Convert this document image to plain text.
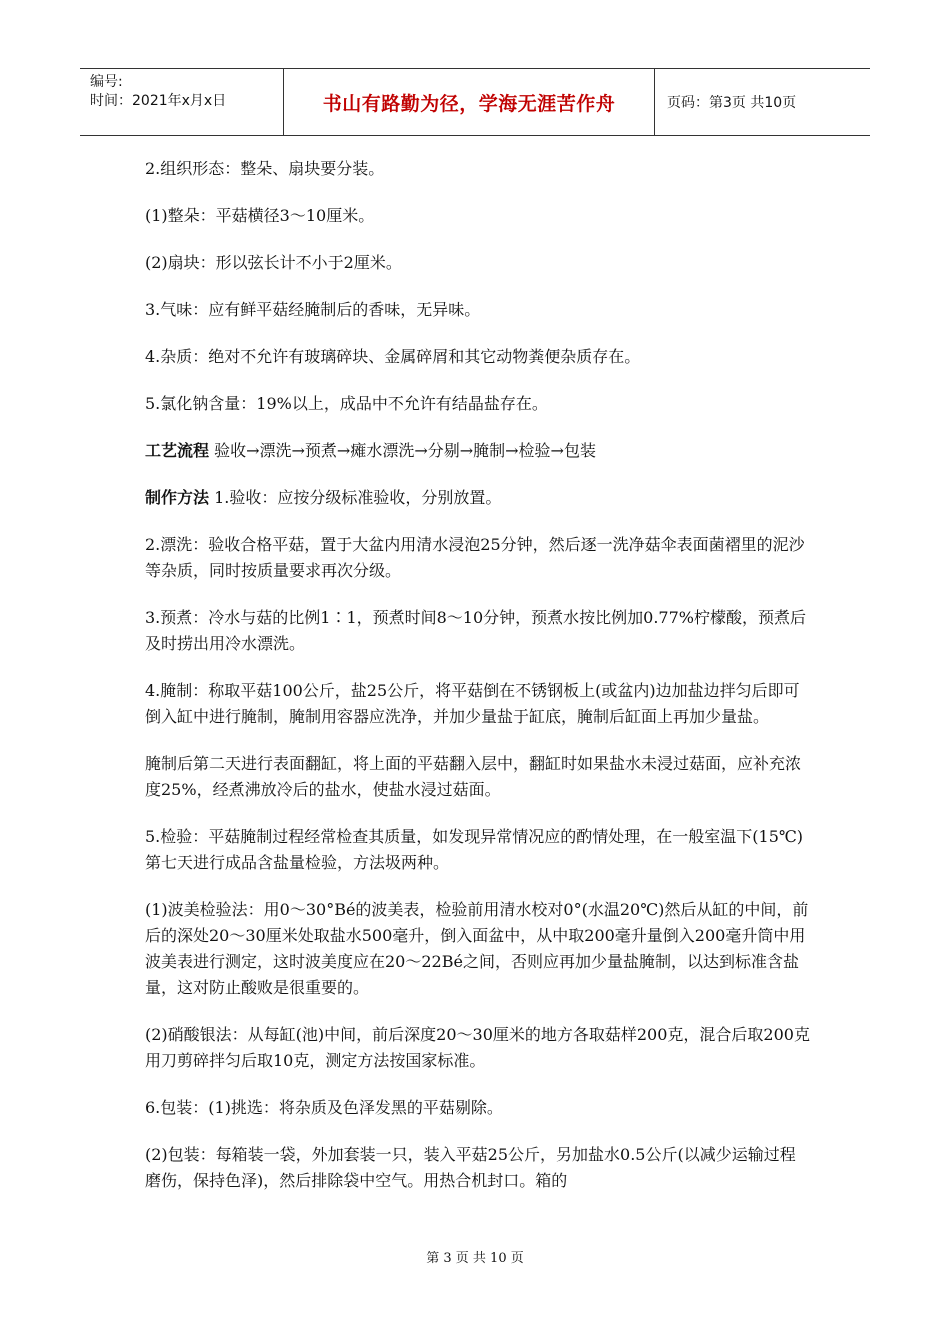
编号:
时间：2021年x月x日	书山有路勤为径，学海无涯苦作舟	页码：第3页 共10页

2.组织形态：整朵、扇块要分装。

(1)整朵：平菇横径3～10厘米。

(2)扇块：形以弦长计不小于2厘米。

3.气味：应有鲜平菇经腌制后的香味，无异味。

4.杂质：绝对不允许有玻璃碎块、金属碎屑和其它动物粪便杂质存在。

5.氯化钠含量：19%以上，成品中不允许有结晶盐存在。

工艺流程 验收→漂洗→预煮→瘫水漂洗→分剔→腌制→检验→包装

制作方法 1.验收：应按分级标准验收，分别放置。

2.漂洗：验收合格平菇，置于大盆内用清水浸泡25分钟，然后逐一洗净菇伞表面菌褶里的泥沙等杂质，同时按质量要求再次分级。

3.预煮：冷水与菇的比例1∶1，预煮时间8～10分钟，预煮水按比例加0.77%柠檬酸，预煮后及时捞出用冷水漂洗。

4.腌制：称取平菇100公斤，盐25公斤，将平菇倒在不锈钢板上(或盆内)边加盐边拌匀后即可倒入缸中进行腌制，腌制用容器应洗净，并加少量盐于缸底，腌制后缸面上再加少量盐。

腌制后第二天进行表面翻缸，将上面的平菇翻入层中，翻缸时如果盐水未浸过菇面，应补充浓度25%，经煮沸放冷后的盐水，使盐水浸过菇面。

5.检验：平菇腌制过程经常检查其质量，如发现异常情况应的酌情处理，在一般室温下(15℃)第七天进行成品含盐量检验，方法圾两种。

(1)波美检验法：用0～30°Bé的波美表，检验前用清水校对0°(水温20℃)然后从缸的中间，前后的深处20～30厘米处取盐水500毫升，倒入面盆中，从中取200毫升量倒入200毫升筒中用波美表进行测定，这时波美度应在20～22Bé之间，否则应再加少量盐腌制，以达到标准含盐量，这对防止酸败是很重要的。

(2)硝酸银法：从每缸(池)中间，前后深度20～30厘米的地方各取菇样200克，混合后取200克用刀剪碎拌匀后取10克，测定方法按国家标准。

6.包装：(1)挑选：将杂质及色泽发黑的平菇剔除。

(2)包装：每箱装一袋，外加套装一只，装入平菇25公斤，另加盐水0.5公斤(以减少运输过程磨伤，保持色泽)，然后排除袋中空气。用热合机封口。箱的

第 3 页 共 10 页
